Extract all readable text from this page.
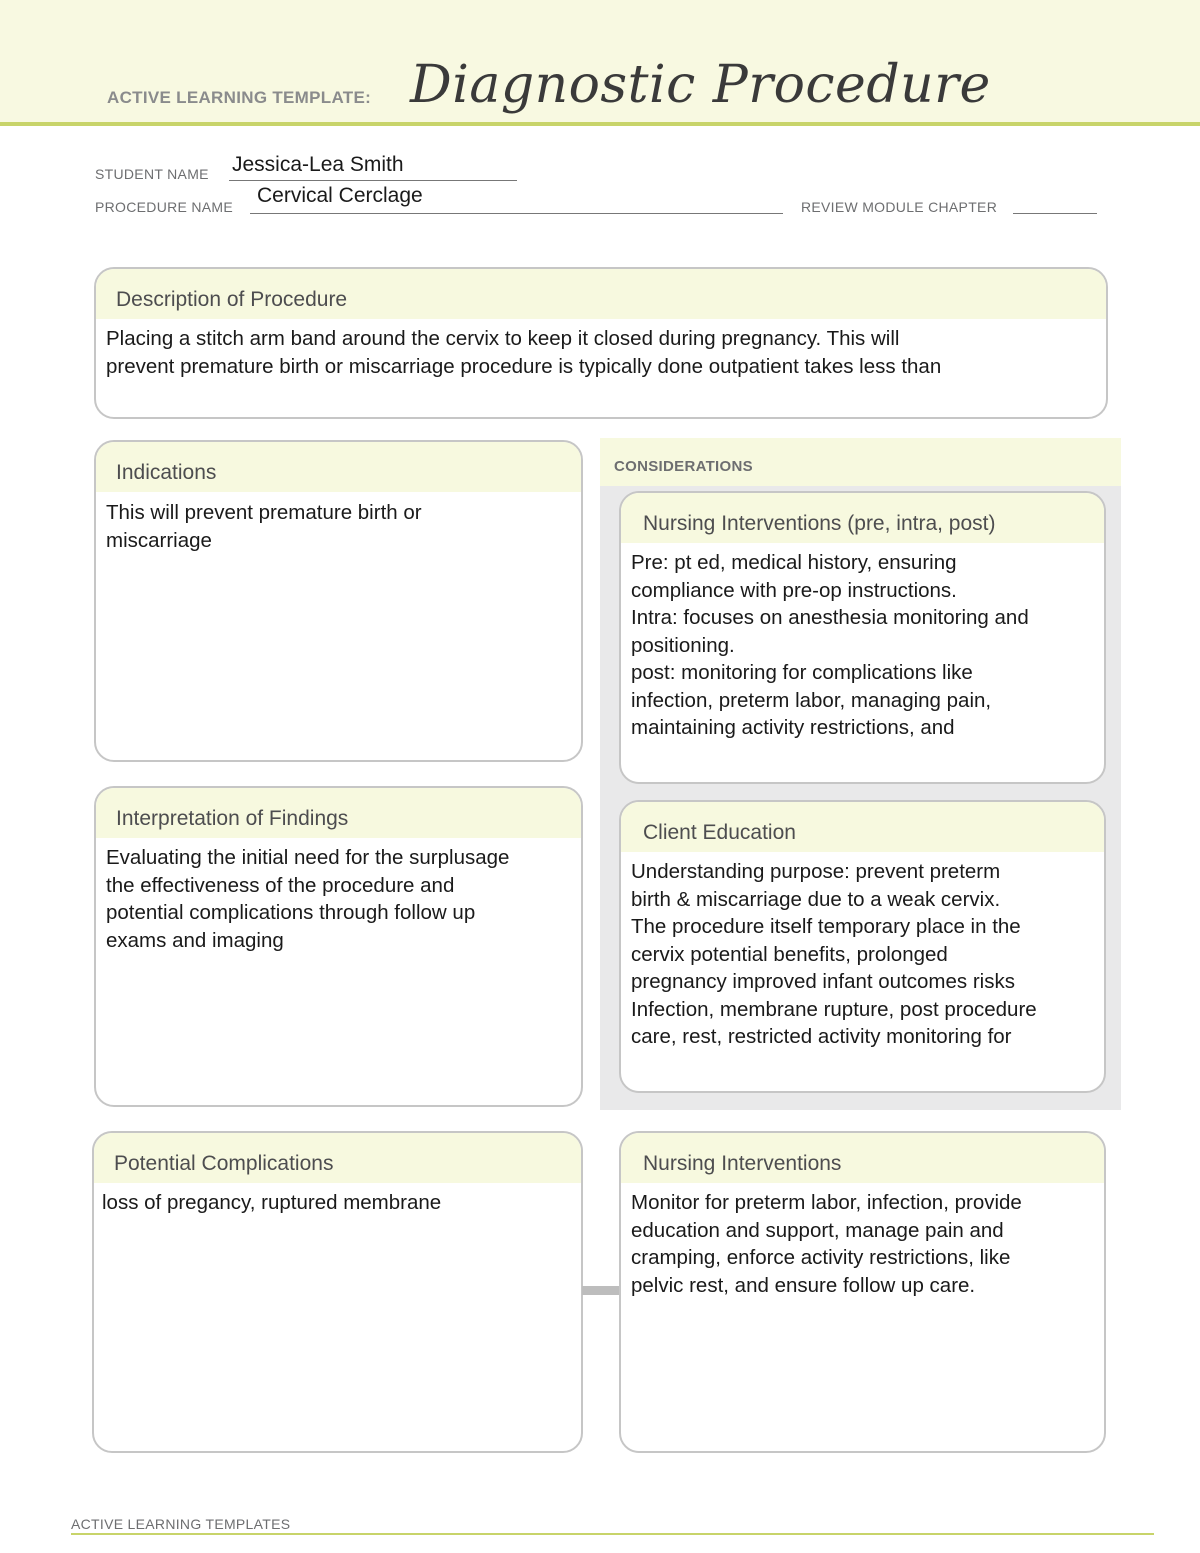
ACTIVE LEARNING TEMPLATE: Diagnostic Procedure
STUDENT NAME Jessica-Lea Smith
PROCEDURE NAME Cervical Cerclage	REVIEW MODULE CHAPTER
Description of Procedure
Placing a stitch arm band around the cervix to keep it closed during pregnancy. This will
prevent premature birth or miscarriage procedure is typically done outpatient takes less than
Indications
This will prevent premature birth or
miscarriage
CONSIDERATIONS
Nursing Interventions (pre, intra, post)
Pre: pt ed, medical history, ensuring
compliance with pre-op instructions.
Intra: focuses on anesthesia monitoring and
positioning.
post: monitoring for complications like
infection, preterm labor, managing pain,
maintaining activity restrictions, and
Interpretation of Findings
Evaluating the initial need for the surplusage
the effectiveness of the procedure and
potential complications through follow up
exams and imaging
Client Education
Understanding purpose: prevent preterm
birth & miscarriage due to a weak cervix.
The procedure itself temporary place in the
cervix potential benefits, prolonged
pregnancy improved infant outcomes risks
Infection, membrane rupture, post procedure
care, rest, restricted activity monitoring for
Potential Complications
loss of pregancy, ruptured membrane
Nursing Interventions
Monitor for preterm labor, infection, provide
education and support, manage pain and
cramping, enforce activity restrictions, like
pelvic rest, and ensure follow up care.
ACTIVE LEARNING TEMPLATES
